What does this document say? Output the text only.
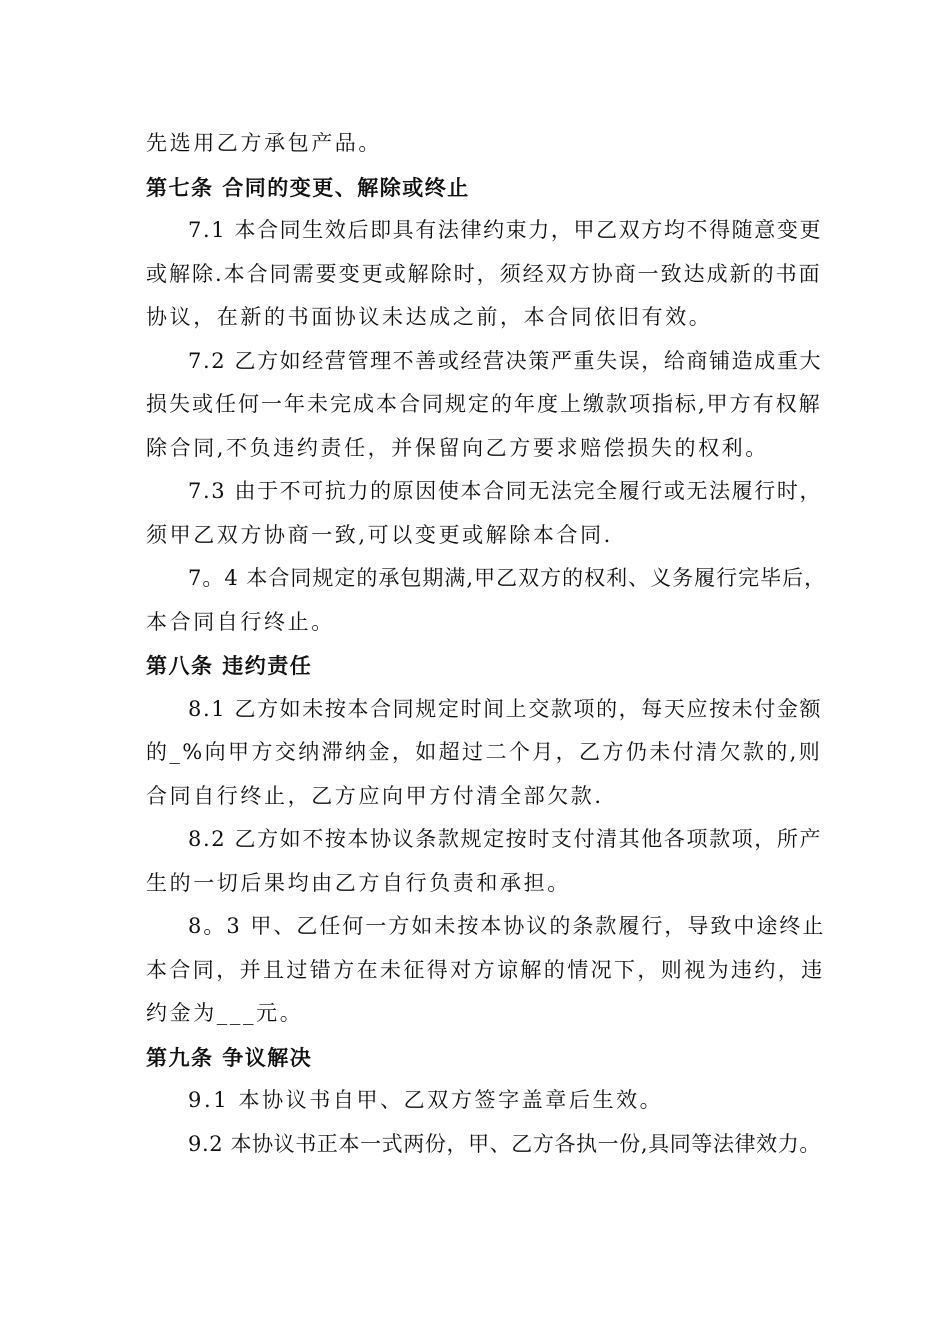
先选用乙方承包产品。
第七条 合同的变更、解除或终止
7.1 本合同生效后即具有法律约束力，甲乙双方均不得随意变更
或解除.本合同需要变更或解除时，须经双方协商一致达成新的书面
协议，在新的书面协议未达成之前，本合同依旧有效。
7.2 乙方如经营管理不善或经营决策严重失误，给商铺造成重大
损失或任何一年未完成本合同规定的年度上缴款项指标,甲方有权解
除合同,不负违约责任，并保留向乙方要求赔偿损失的权利。
7.3 由于不可抗力的原因使本合同无法完全履行或无法履行时，
须甲乙双方协商一致,可以变更或解除本合同.
7。4 本合同规定的承包期满,甲乙双方的权利、义务履行完毕后，
本合同自行终止。
第八条 违约责任
8.1 乙方如未按本合同规定时间上交款项的，每天应按未付金额
的_%向甲方交纳滞纳金，如超过二个月，乙方仍未付清欠款的,则
合同自行终止，乙方应向甲方付清全部欠款.
8.2 乙方如不按本协议条款规定按时支付清其他各项款项，所产
生的一切后果均由乙方自行负责和承担。
8。3 甲、乙任何一方如未按本协议的条款履行，导致中途终止
本合同，并且过错方在未征得对方谅解的情况下，则视为违约，违
约金为___元。
第九条 争议解决
9.1 本协议书自甲、乙双方签字盖章后生效。
9.2 本协议书正本一式两份，甲、乙方各执一份,具同等法律效力。
